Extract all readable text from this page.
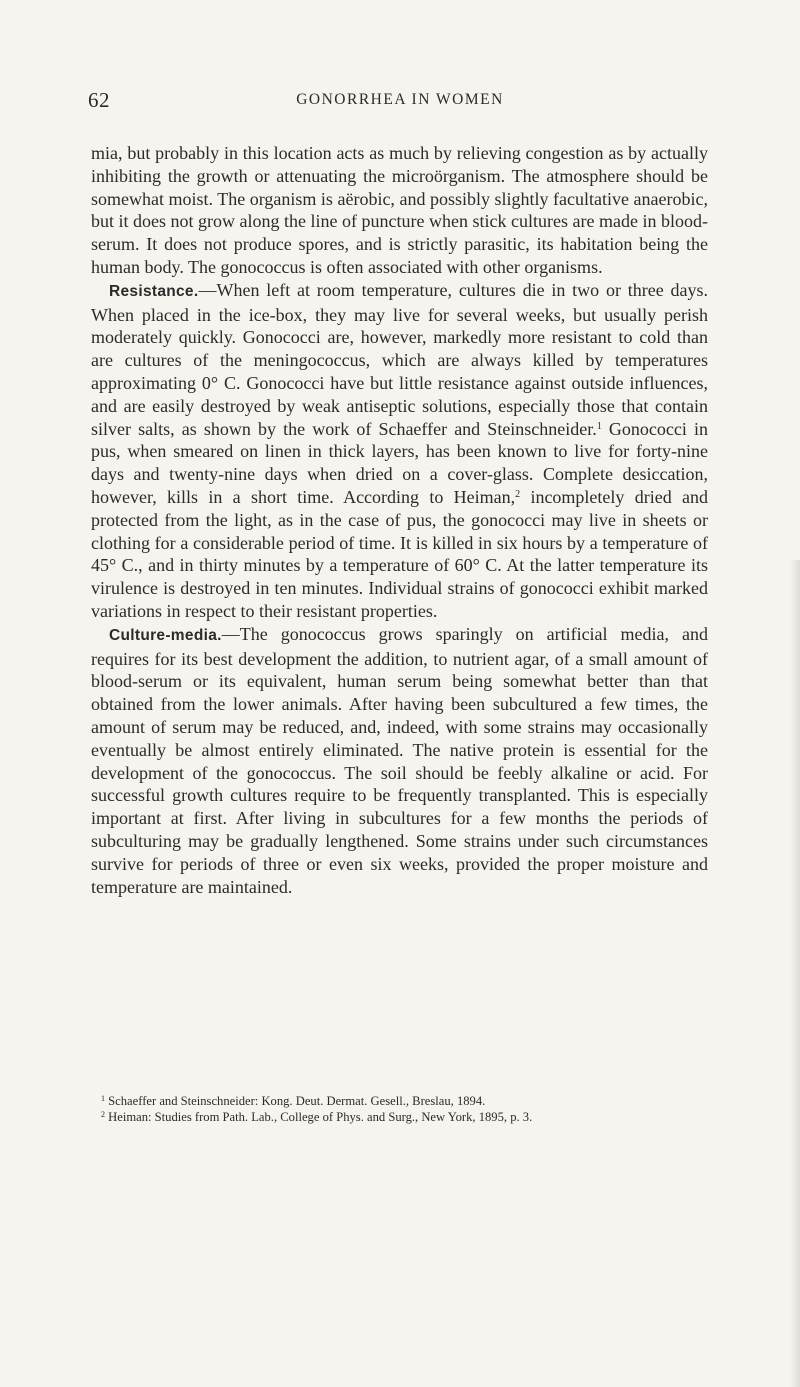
62	GONORRHEA IN WOMEN

mia, but probably in this location acts as much by relieving congestion as by actually inhibiting the growth or attenuating the microörganism. The atmosphere should be somewhat moist. The organism is aërobic, and possibly slightly facultative anaerobic, but it does not grow along the line of puncture when stick cultures are made in blood-serum. It does not produce spores, and is strictly parasitic, its habitation being the human body. The gonococcus is often associated with other organisms.

Resistance.—When left at room temperature, cultures die in two or three days. When placed in the ice-box, they may live for several weeks, but usually perish moderately quickly. Gonococci are, however, markedly more resistant to cold than are cultures of the meningococcus, which are always killed by temperatures approximating 0° C. Gonococci have but little resistance against outside influences, and are easily destroyed by weak antiseptic solutions, especially those that contain silver salts, as shown by the work of Schaeffer and Steinschneider.$^1$ Gonococci in pus, when smeared on linen in thick layers, has been known to live for forty-nine days and twenty-nine days when dried on a cover-glass. Complete desiccation, however, kills in a short time. According to Heiman,$^2$ incompletely dried and protected from the light, as in the case of pus, the gonococci may live in sheets or clothing for a considerable period of time. It is killed in six hours by a temperature of 45° C., and in thirty minutes by a temperature of 60° C. At the latter temperature its virulence is destroyed in ten minutes. Individual strains of gonococci exhibit marked variations in respect to their resistant properties.

Culture-media.—The gonococcus grows sparingly on artificial media, and requires for its best development the addition, to nutrient agar, of a small amount of blood-serum or its equivalent, human serum being somewhat better than that obtained from the lower animals. After having been subcultured a few times, the amount of serum may be reduced, and, indeed, with some strains may occasionally eventually be almost entirely eliminated. The native protein is essential for the development of the gonococcus. The soil should be feebly alkaline or acid. For successful growth cultures require to be frequently transplanted. This is especially important at first. After living in subcultures for a few months the periods of subculturing may be gradually lengthened. Some strains under such circumstances survive for periods of three or even six weeks, provided the proper moisture and temperature are maintained.

$^1$ Schaeffer and Steinschneider: Kong. Deut. Dermat. Gesell., Breslau, 1894.
$^2$ Heiman: Studies from Path. Lab., College of Phys. and Surg., New York, 1895, p. 3.
